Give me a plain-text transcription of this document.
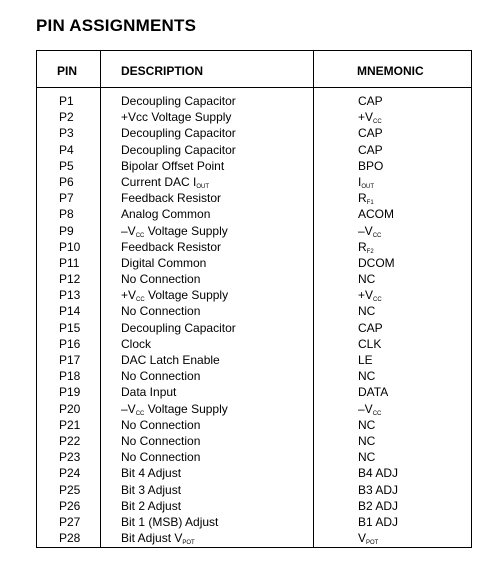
PIN ASSIGNMENTS
PIN	DESCRIPTION	MNEMONIC
P1	Decoupling Capacitor	CAP
P2	+Vcc Voltage Supply	$+V_{CC}$
P3	Decoupling Capacitor	CAP
P4	Decoupling Capacitor	CAP
P5	Bipolar Offset Point	BPO
P6	Current DAC $I_{OUT}$	$I_{OUT}$
P7	Feedback Resistor	$R_{F1}$
P8	Analog Common	ACOM
P9	$-V_{CC}$ Voltage Supply	$-V_{CC}$
P10	Feedback Resistor	$R_{F2}$
P11	Digital Common	DCOM
P12	No Connection	NC
P13	$+V_{CC}$ Voltage Supply	$+V_{CC}$
P14	No Connection	NC
P15	Decoupling Capacitor	CAP
P16	Clock	CLK
P17	DAC Latch Enable	LE
P18	No Connection	NC
P19	Data Input	DATA
P20	$-V_{CC}$ Voltage Supply	$-V_{CC}$
P21	No Connection	NC
P22	No Connection	NC
P23	No Connection	NC
P24	Bit 4 Adjust	B4 ADJ
P25	Bit 3 Adjust	B3 ADJ
P26	Bit 2 Adjust	B2 ADJ
P27	Bit 1 (MSB) Adjust	B1 ADJ
P28	Bit Adjust $V_{POT}$	$V_{POT}$
